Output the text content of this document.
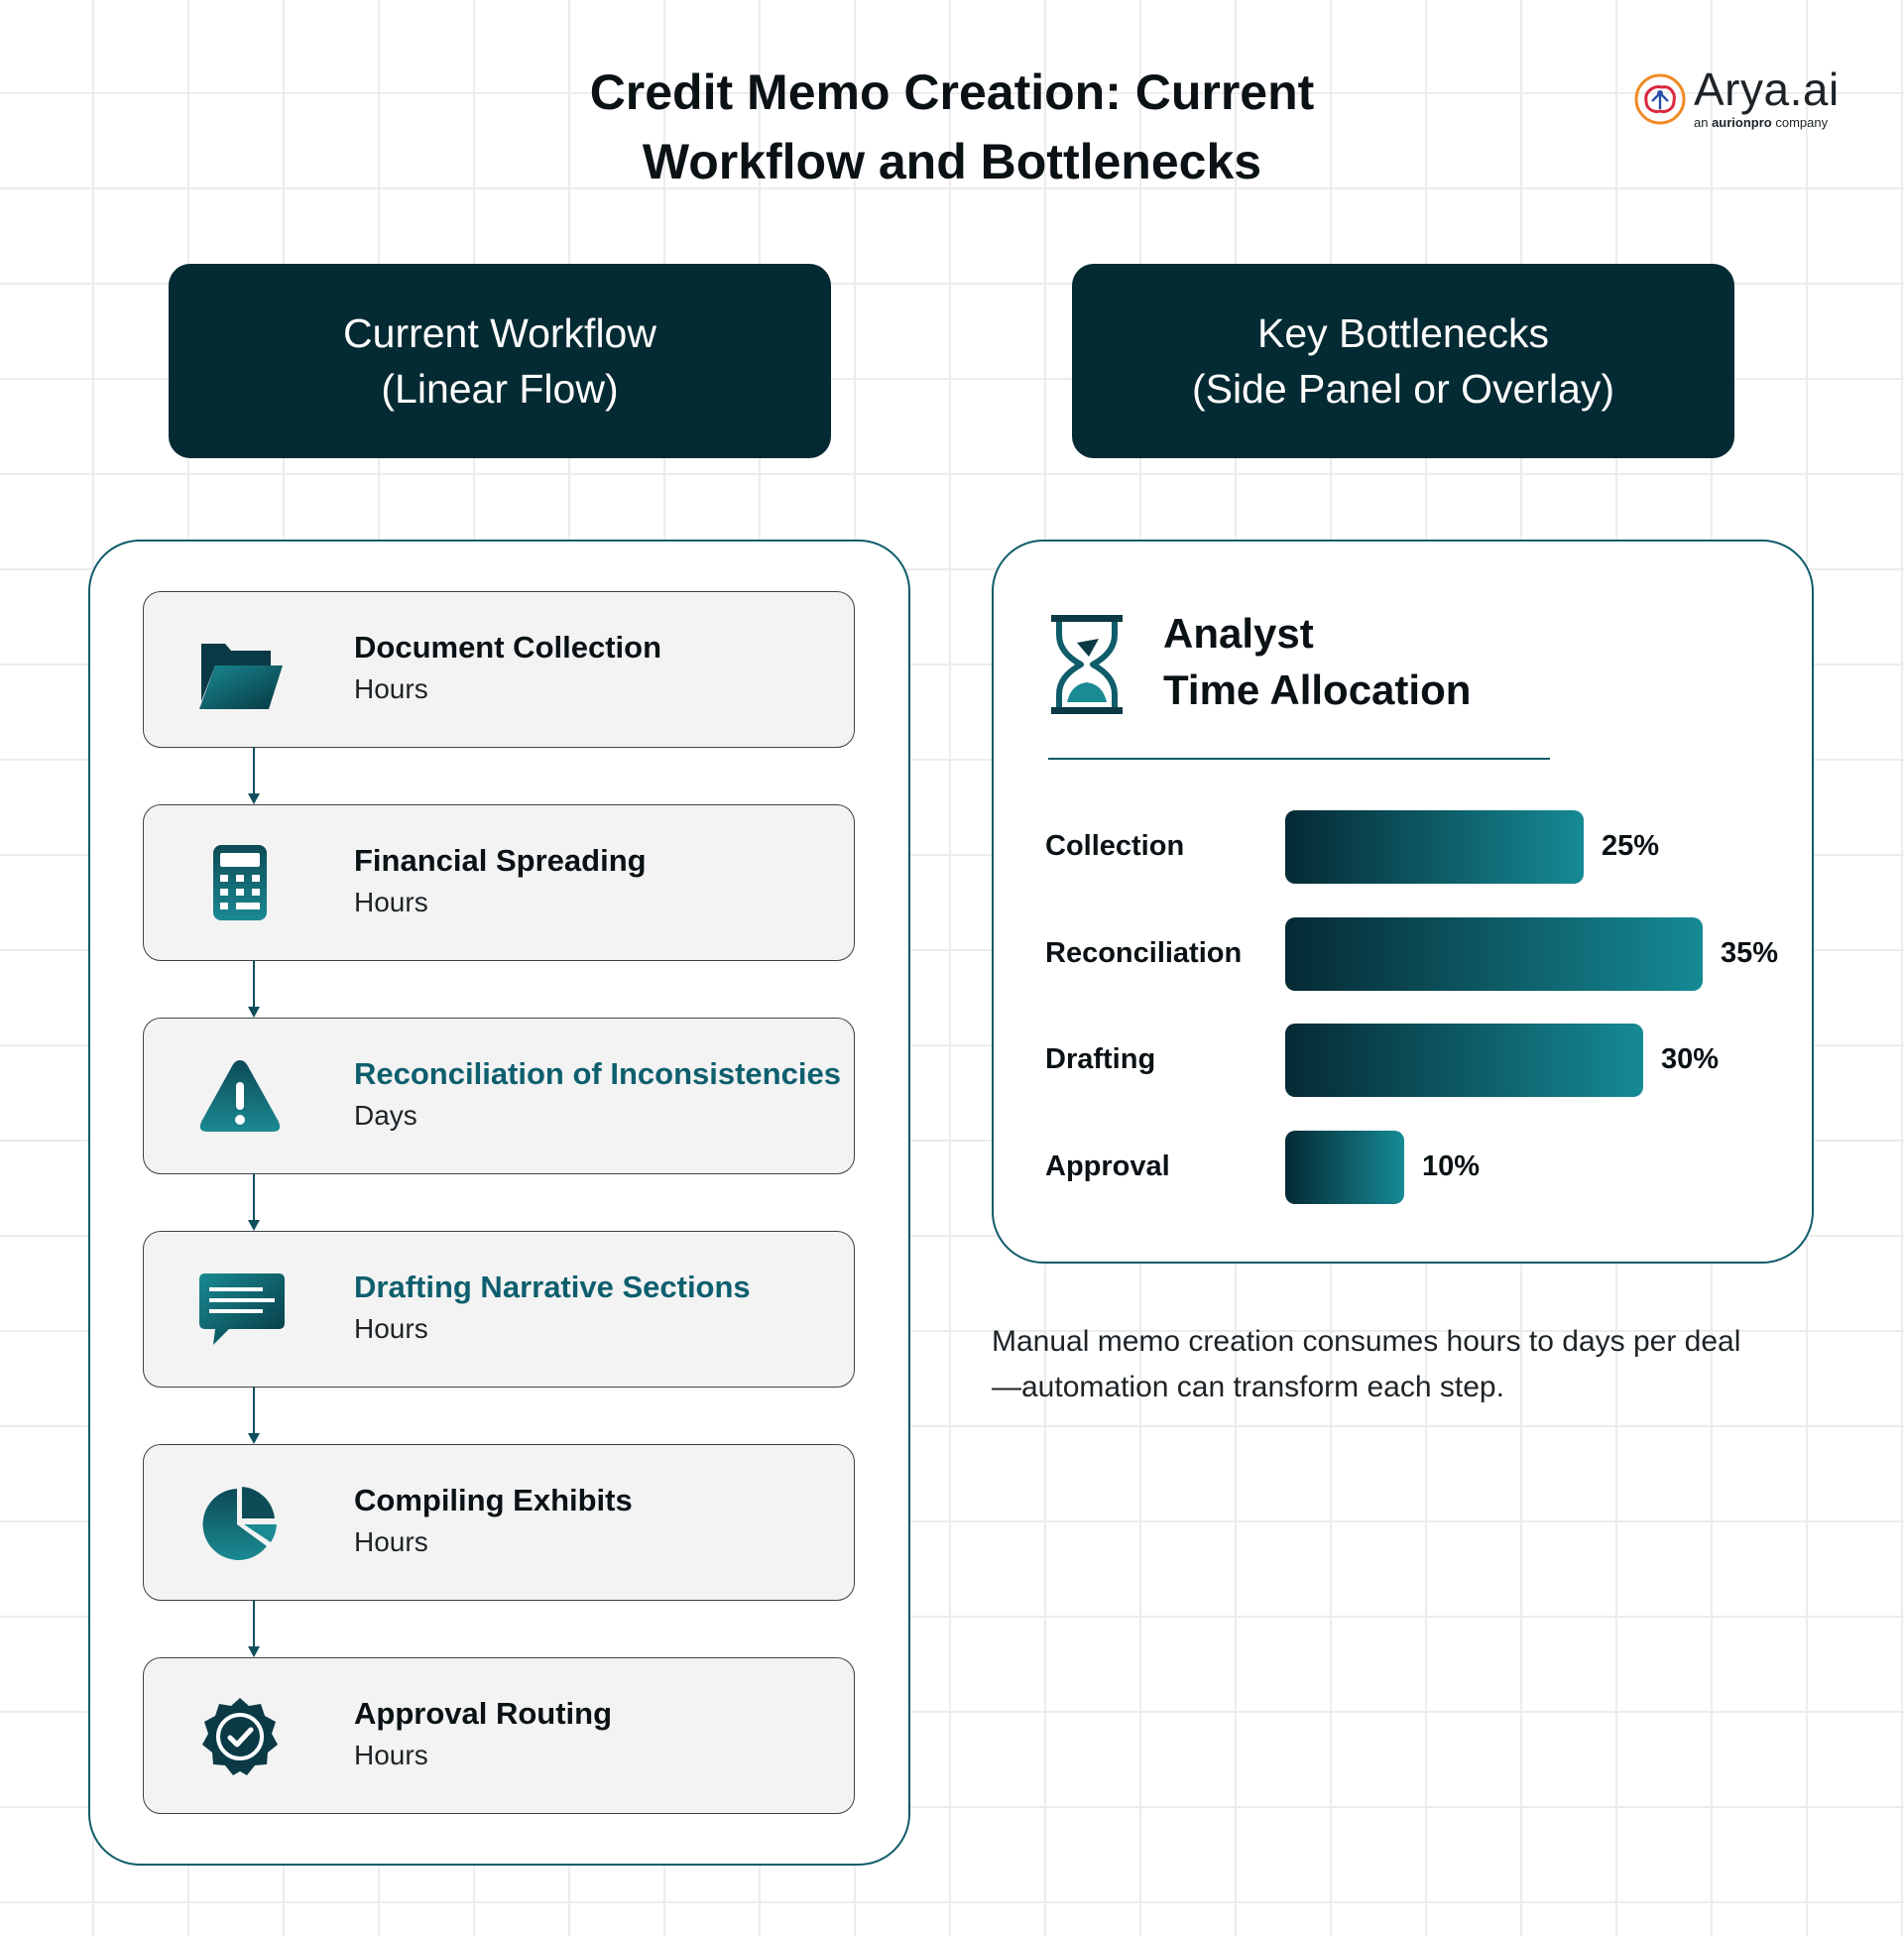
Credit Memo Creation: Current
Workflow and Bottlenecks
Arya.ai
an aurionpro company
Current Workflow
(Linear Flow)
Key Bottlenecks
(Side Panel or Overlay)
Document Collection
Hours
Financial Spreading
Hours
Reconciliation of Inconsistencies
Days
Drafting Narrative Sections
Hours
Compiling Exhibits
Hours
Approval Routing
Hours
Analyst
Time Allocation
Collection	25%
Reconciliation	35%
Drafting	30%
Approval	10%
Manual memo creation consumes hours to days per deal—automation can transform each step.
